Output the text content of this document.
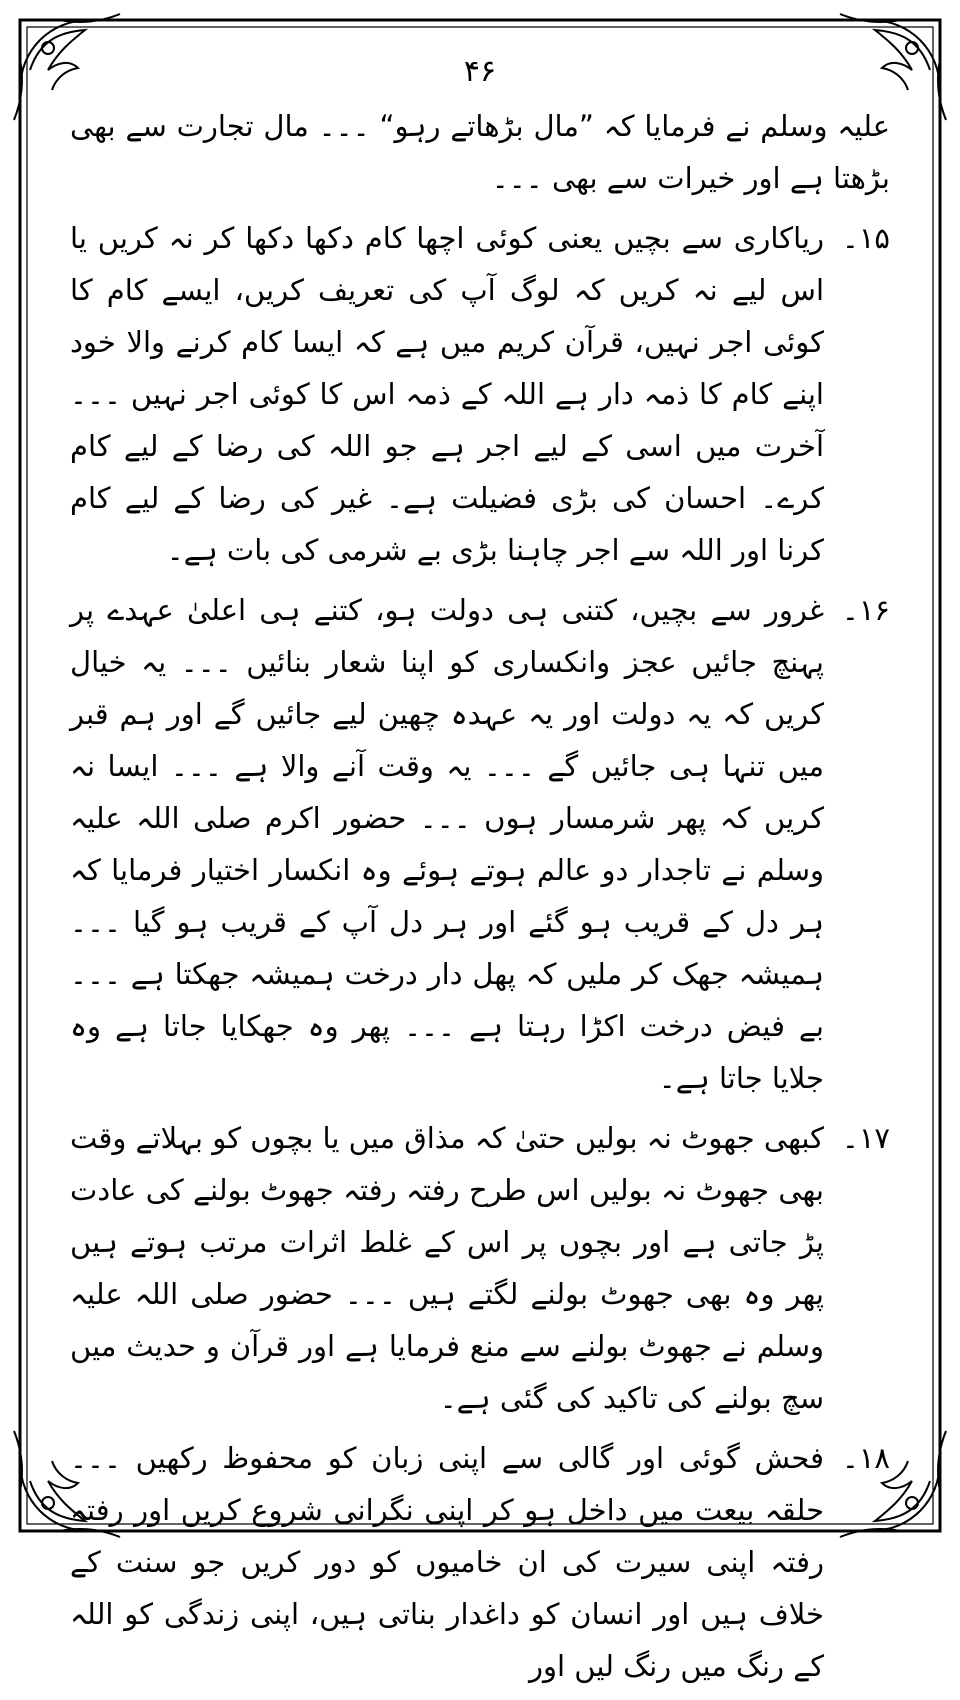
۴۶

علیہ وسلم نے فرمایا کہ ”مال بڑھاتے رہو“ ۔۔۔ مال تجارت سے بھی بڑھتا ہے اور خیرات سے بھی ۔۔۔

۱۵۔
ریاکاری سے بچیں یعنی کوئی اچھا کام دکھا دکھا کر نہ کریں یا اس لیے نہ کریں کہ لوگ آپ کی تعریف کریں، ایسے کام کا کوئی اجر نہیں، قرآن کریم میں ہے کہ ایسا کام کرنے والا خود اپنے کام کا ذمہ دار ہے اللہ کے ذمہ اس کا کوئی اجر نہیں ۔۔۔ آخرت میں اسی کے لیے اجر ہے جو اللہ کی رضا کے لیے کام کرے۔ احسان کی بڑی فضیلت ہے۔ غیر کی رضا کے لیے کام کرنا اور اللہ سے اجر چاہنا بڑی بے شرمی کی بات ہے۔
۱۶۔
غرور سے بچیں، کتنی ہی دولت ہو، کتنے ہی اعلیٰ عہدے پر پہنچ جائیں عجز وانکساری کو اپنا شعار بنائیں ۔۔۔ یہ خیال کریں کہ یہ دولت اور یہ عہدہ چھین لیے جائیں گے اور ہم قبر میں تنہا ہی جائیں گے ۔۔۔ یہ وقت آنے والا ہے ۔۔۔ ایسا نہ کریں کہ پھر شرمسار ہوں ۔۔۔ حضور اکرم صلی اللہ علیہ وسلم نے تاجدار دو عالم ہوتے ہوئے وہ انکسار اختیار فرمایا کہ ہر دل کے قریب ہو گئے اور ہر دل آپ کے قریب ہو گیا ۔۔۔ ہمیشہ جھک کر ملیں کہ پھل دار درخت ہمیشہ جھکتا ہے ۔۔۔ بے فیض درخت اکڑا رہتا ہے ۔۔۔ پھر وہ جھکایا جاتا ہے وہ جلایا جاتا ہے۔
۱۷۔
کبھی جھوٹ نہ بولیں حتیٰ کہ مذاق میں یا بچوں کو بہلاتے وقت بھی جھوٹ نہ بولیں اس طرح رفتہ رفتہ جھوٹ بولنے کی عادت پڑ جاتی ہے اور بچوں پر اس کے غلط اثرات مرتب ہوتے ہیں پھر وہ بھی جھوٹ بولنے لگتے ہیں ۔۔۔ حضور صلی اللہ علیہ وسلم نے جھوٹ بولنے سے منع فرمایا ہے اور قرآن و حدیث میں سچ بولنے کی تاکید کی گئی ہے۔
۱۸۔
فحش گوئی اور گالی سے اپنی زبان کو محفوظ رکھیں ۔۔۔ حلقہ بیعت میں داخل ہو کر اپنی نگرانی شروع کریں اور رفتہ رفتہ اپنی سیرت کی ان خامیوں کو دور کریں جو سنت کے خلاف ہیں اور انسان کو داغدار بناتی ہیں، اپنی زندگی کو اللہ کے رنگ میں رنگ لیں اور
